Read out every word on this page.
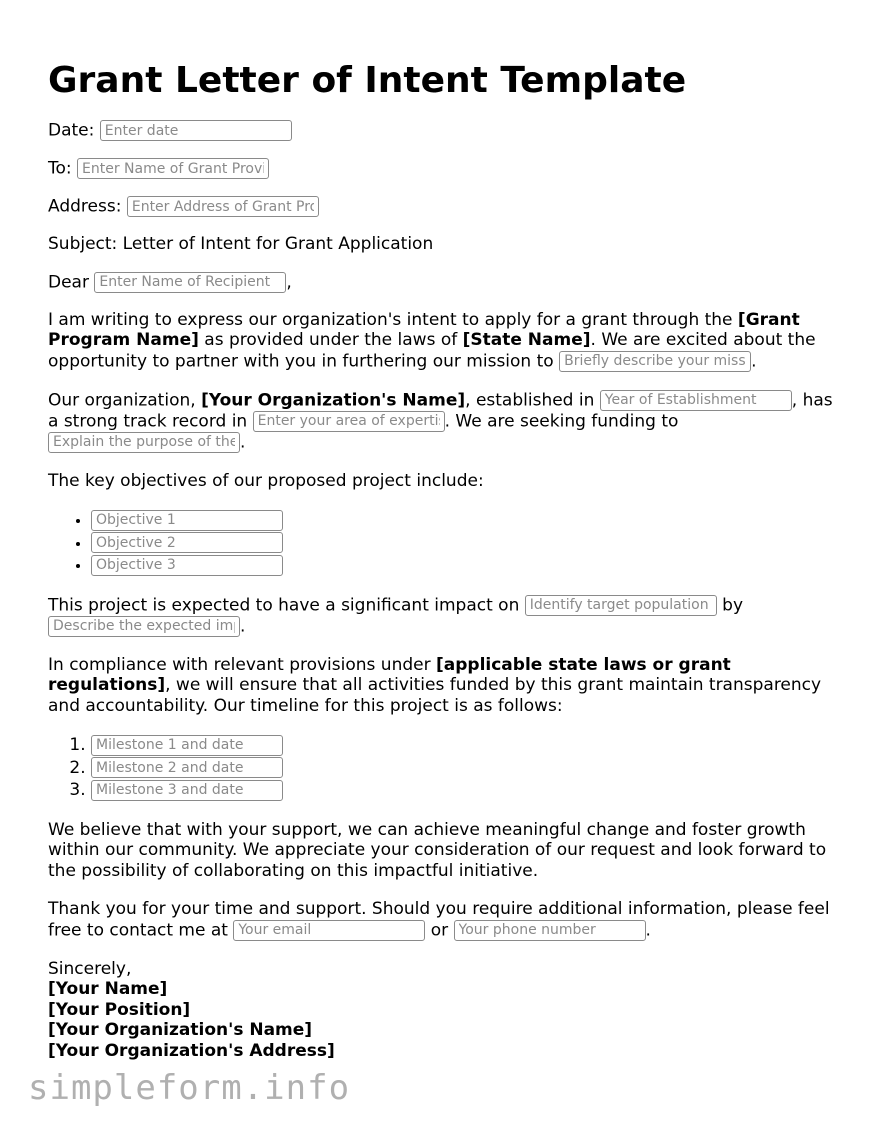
Grant Letter of Intent Template

Date: Enter date

To: Enter Name of Grant Provider

Address: Enter Address of Grant Provider

Subject: Letter of Intent for Grant Application

Dear Enter Name of Recipient	,

I am writing to express our organization's intent to apply for a grant through the [Grant Program Name] as provided under the laws of [State Name]. We are excited about the opportunity to partner with you in furthering our mission to Briefly describe your mission	.

Our organization, [Your Organization's Name], established in Year of Establishment	, has a strong track record in Enter your area of expertise	. We are seeking funding to
Explain the purpose of the funding.

The key objectives of our proposed project include:

• Objective 1
• Objective 2
• Objective 3

This project is expected to have a significant impact on Identify target population or area	by
Describe the expected impact.

In compliance with relevant provisions under [applicable state laws or grant regulations], we will ensure that all activities funded by this grant maintain transparency and accountability. Our timeline for this project is as follows:

1. Milestone 1 and date
2. Milestone 2 and date
3. Milestone 3 and date

We believe that with your support, we can achieve meaningful change and foster growth within our community. We appreciate your consideration of our request and look forward to the possibility of collaborating on this impactful initiative.

Thank you for your time and support. Should you require additional information, please feel free to contact me at Your email	or Your phone number	.

Sincerely,
[Your Name]
[Your Position]
[Your Organization's Name]
[Your Organization's Address]
simpleform.info
